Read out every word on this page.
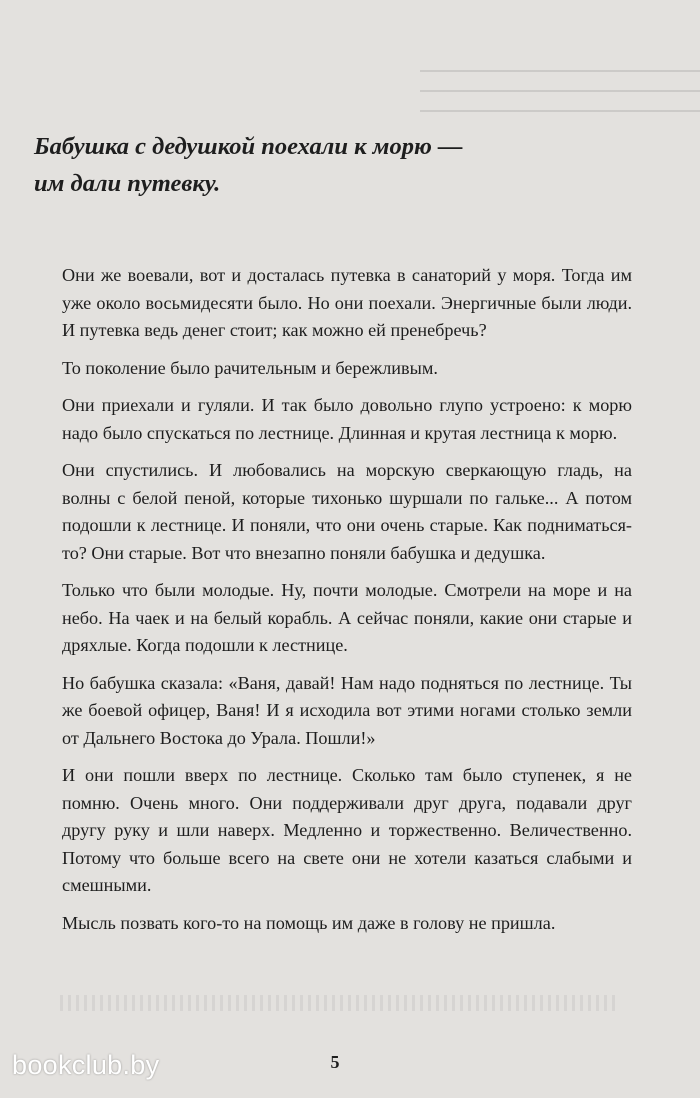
Бабушка с дедушкой поехали к морю —
им дали путевку.

Они же воевали, вот и досталась путевка в санаторий у моря. Тогда им уже около восьмидесяти было. Но они поехали. Энергичные были люди. И путевка ведь денег стоит; как можно ей пренебречь?

То поколение было рачительным и бережливым.

Они приехали и гуляли. И так было довольно глупо устроено: к морю надо было спускаться по лестнице. Длинная и крутая лестница к морю.

Они спустились. И любовались на морскую сверкающую гладь, на волны с белой пеной, которые тихонько шуршали по гальке... А потом подошли к лестнице. И поняли, что они очень старые. Как подниматься-то? Они старые. Вот что внезапно поняли бабушка и дедушка.

Только что были молодые. Ну, почти молодые. Смотрели на море и на небо. На чаек и на белый корабль. А сейчас поняли, какие они старые и дряхлые. Когда подошли к лестнице.

Но бабушка сказала: «Ваня, давай! Нам надо подняться по лестнице. Ты же боевой офицер, Ваня! И я исходила вот этими ногами столько земли от Дальнего Востока до Урала. Пошли!»

И они пошли вверх по лестнице. Сколько там было ступенек, я не помню. Очень много. Они поддерживали друг друга, подавали друг другу руку и шли наверх. Медленно и торжественно. Величественно. Потому что больше всего на свете они не хотели казаться слабыми и смешными.

Мысль позвать кого-то на помощь им даже в голову не пришла.

5
bookclub.by
